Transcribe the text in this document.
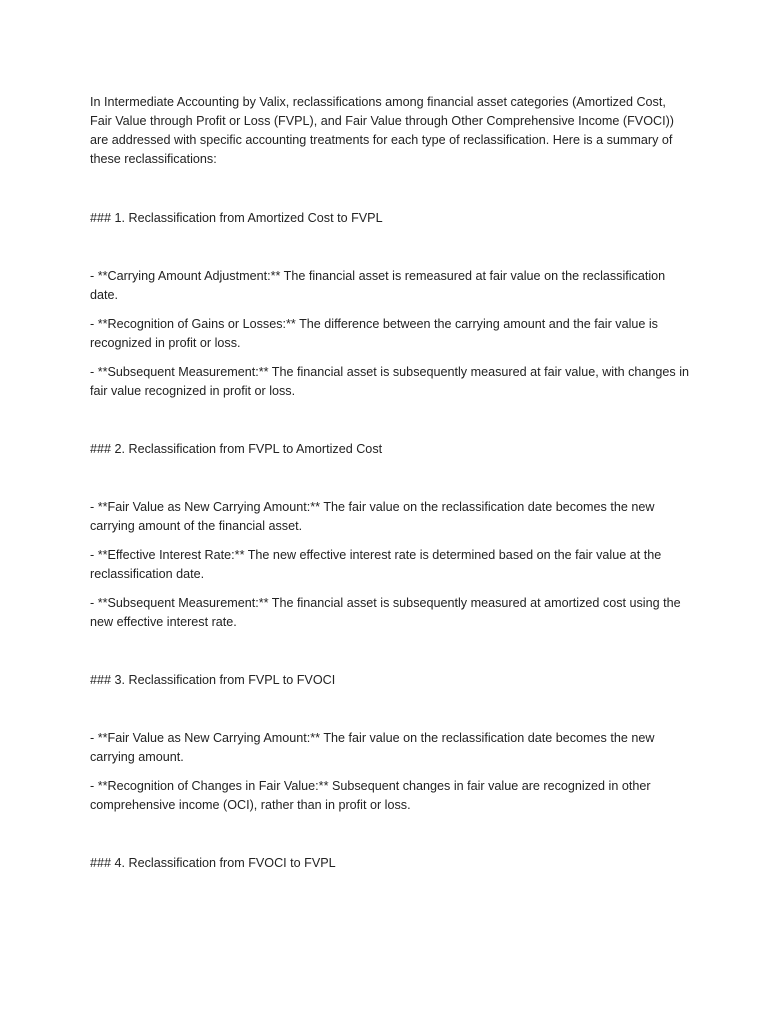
In Intermediate Accounting by Valix, reclassifications among financial asset categories (Amortized Cost, Fair Value through Profit or Loss (FVPL), and Fair Value through Other Comprehensive Income (FVOCI)) are addressed with specific accounting treatments for each type of reclassification. Here is a summary of these reclassifications:

### 1. Reclassification from Amortized Cost to FVPL

- **Carrying Amount Adjustment:** The financial asset is remeasured at fair value on the reclassification date.

- **Recognition of Gains or Losses:** The difference between the carrying amount and the fair value is recognized in profit or loss.

- **Subsequent Measurement:** The financial asset is subsequently measured at fair value, with changes in fair value recognized in profit or loss.

### 2. Reclassification from FVPL to Amortized Cost

- **Fair Value as New Carrying Amount:** The fair value on the reclassification date becomes the new carrying amount of the financial asset.

- **Effective Interest Rate:** The new effective interest rate is determined based on the fair value at the reclassification date.

- **Subsequent Measurement:** The financial asset is subsequently measured at amortized cost using the new effective interest rate.

### 3. Reclassification from FVPL to FVOCI

- **Fair Value as New Carrying Amount:** The fair value on the reclassification date becomes the new carrying amount.

- **Recognition of Changes in Fair Value:** Subsequent changes in fair value are recognized in other comprehensive income (OCI), rather than in profit or loss.

### 4. Reclassification from FVOCI to FVPL
